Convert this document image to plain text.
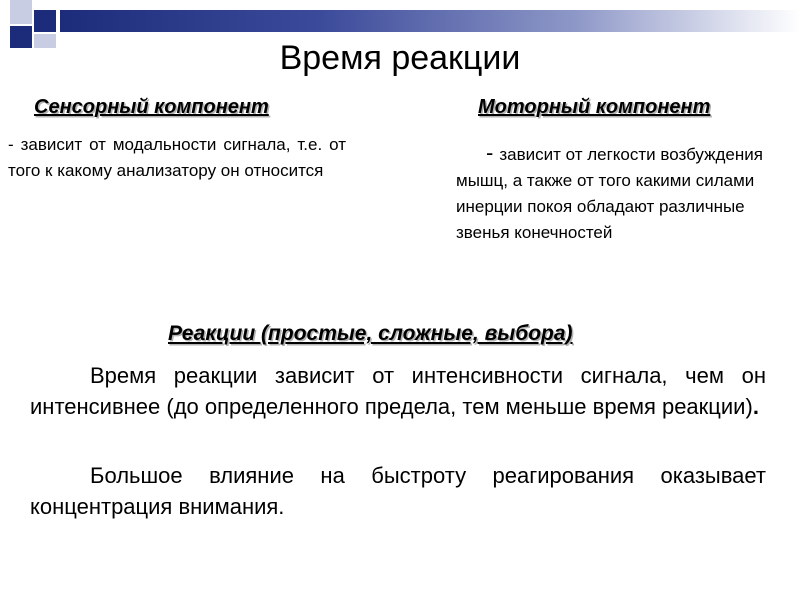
Время реакции
Сенсорный компонент
- зависит от модальности сигнала, т.е. от того к какому анализатору он относится
Моторный компонент
- зависит от легкости возбуждения мышц, а также от того какими силами инерции покоя обладают различные звенья конечностей
Реакции (простые, сложные, выбора)
Время реакции зависит от интенсивности сигнала, чем он интенсивнее (до определенного предела, тем меньше время реакции).
Большое влияние на быстроту реагирования оказывает концентрация внимания.
